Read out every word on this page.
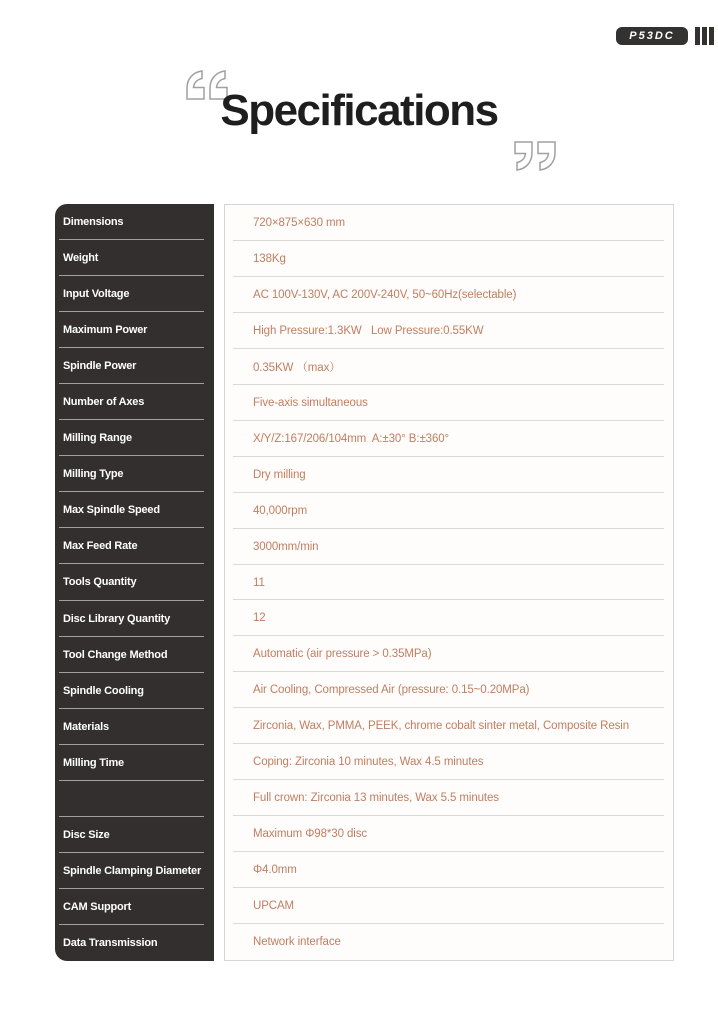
P53DC
Specifications
Dimensions
Weight
Input Voltage
Maximum Power
Spindle Power
Number of Axes
Milling Range
Milling Type
Max Spindle Speed
Max Feed Rate
Tools Quantity
Disc Library Quantity
Tool Change Method
Spindle Cooling
Materials
Milling Time
Disc Size
Spindle Clamping Diameter
CAM Support
Data Transmission
720×875×630 mm
138Kg
AC 100V-130V, AC 200V-240V, 50~60Hz(selectable)
High Pressure:1.3KW   Low Pressure:0.55KW
0.35KW （max）
Five-axis simultaneous
X/Y/Z:167/206/104mm  A:±30° B:±360°
Dry milling
40,000rpm
3000mm/min
11
12
Automatic (air pressure > 0.35MPa)
Air Cooling, Compressed Air (pressure: 0.15~0.20MPa)
Zirconia, Wax, PMMA, PEEK, chrome cobalt sinter metal, Composite Resin
Coping: Zirconia 10 minutes, Wax 4.5 minutes
Full crown: Zirconia 13 minutes, Wax 5.5 minutes
Maximum Φ98*30 disc
Φ4.0mm
UPCAM
Network interface
